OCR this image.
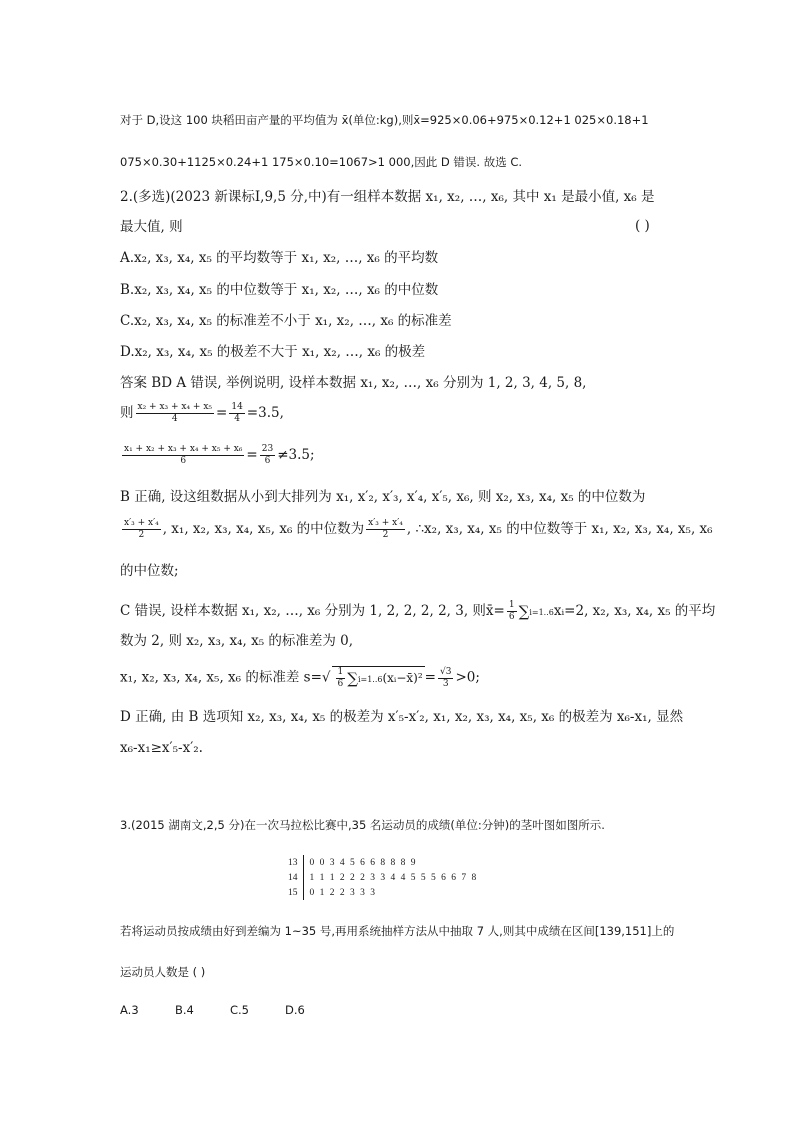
对于 D,设这 100 块稻田亩产量的平均值为 x̄(单位:kg),则x̄=925×0.06+975×0.12+1 025×0.18+1
075×0.30+1125×0.24+1 175×0.10=1067>1 000,因此 D 错误. 故选 C.
2.(多选)(2023 新课标Ⅰ,9,5 分,中)有一组样本数据 x₁, x₂, …, x₆, 其中 x₁ 是最小值, x₆ 是
最大值, 则	( )
A.x₂, x₃, x₄, x₅ 的平均数等于 x₁, x₂, …, x₆ 的平均数
B.x₂, x₃, x₄, x₅ 的中位数等于 x₁, x₂, …, x₆ 的中位数
C.x₂, x₃, x₄, x₅ 的标准差不小于 x₁, x₂, …, x₆ 的标准差
D.x₂, x₃, x₄, x₅ 的极差不大于 x₁, x₂, …, x₆ 的极差
答案 BD A 错误, 举例说明, 设样本数据 x₁, x₂, …, x₆ 分别为 1, 2, 3, 4, 5, 8,
则 $\frac{\text{x₂ + x₃ + x₄ + x₅}}{4} = \frac{14}{4} =3.5$,
$\frac{\text{x₁ + x₂ + x₃ + x₄ + x₅ + x₆}}{6} = \frac{23}{6} \ne 3.5$;
B 正确, 设这组数据从小到大排列为 x₁, x′₂, x′₃, x′₄, x′₅, x₆, 则 x₂, x₃, x₄, x₅ 的中位数为
$\frac{\text{x′₃ + x′₄}}{2}$ , x₁, x₂, x₃, x₄, x₅, x₆ 的中位数为 $\frac{\text{x′₃ + x′₄}}{2}$ , ∴x₂, x₃, x₄, x₅ 的中位数等于 x₁, x₂, x₃, x₄, x₅, x₆
的中位数;
C 错误, 设样本数据 x₁, x₂, …, x₆ 分别为 1, 2, 2, 2, 2, 3, 则x̄= $\frac{1}{6}$ ∑i=1..6xᵢ=2, x₂, x₃, x₄, x₅ 的平均
数为 2, 则 x₂, x₃, x₄, x₅ 的标准差为 0,
x₁, x₂, x₃, x₄, x₅, x₆ 的标准差 $s=√ \frac{1}{6}$ ∑i=1..6(xᵢ−x̄)² = $\frac{√3}{3} >0$;
D 正确, 由 B 选项知 x₂, x₃, x₄, x₅ 的极差为 x′₅-x′₂, x₁, x₂, x₃, x₄, x₅, x₆ 的极差为 x₆-x₁, 显然
x₆-x₁≥x′₅-x′₂.
3.(2015 湖南文,2,5 分)在一次马拉松比赛中,35 名运动员的成绩(单位:分钟)的茎叶图如图所示.
13	0 0 3 4 5 6 6 8 8 8 9
14	1 1 1 2 2 2 3 3 4 4 5 5 5 6 6 7 8
15	0 1 2 2 3 3 3
若将运动员按成绩由好到差编为 1~35 号,再用系统抽样方法从中抽取 7 人,则其中成绩在区间[139,151]上的
运动员人数是 ( )
A.3	B.4	C.5	D.6
